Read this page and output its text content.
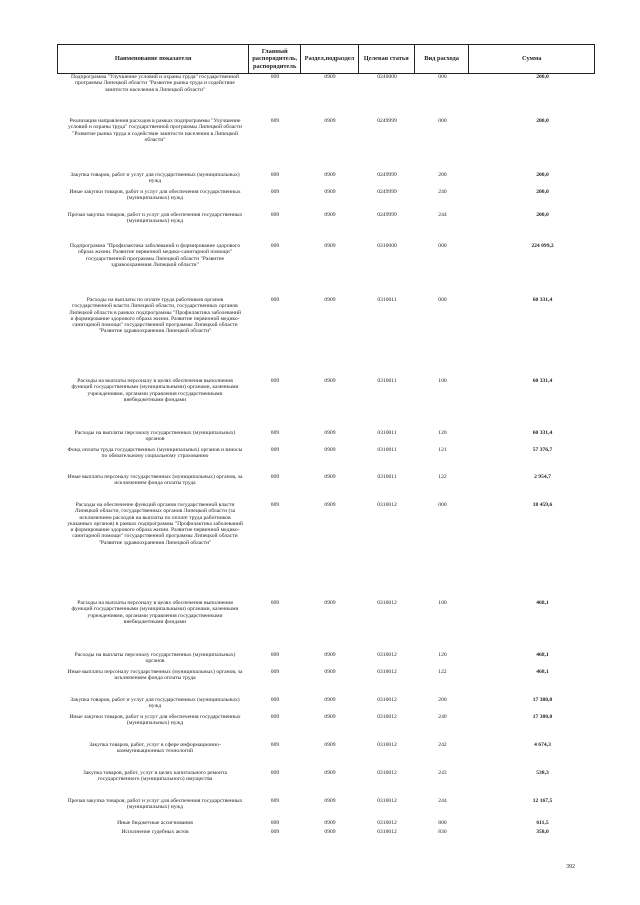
Наименование показателя
Главный распорядитель, распорядитель
Раздел,подраздел	Целевая статья	Вид расхода	Сумма
Подпрограмма "Улучшение условий и охраны труда" государственной программы Липецкой области "Развитие рынка труда и содействие занятости населения в Липецкой области"
009	0909	0240000	000	200,0
Реализация направления расходов в рамках подпрограммы "Улучшение условий и охраны труда" государственной программы Липецкой области "Развитие рынка труда и содействие занятости населения в Липецкой области"
009	0909	0249999	000	200,0
Закупка товаров, работ и услуг для государственных (муниципальных) нужд
009	0909	0249999	200	200,0
Иные закупки товаров, работ и услуг для обеспечения государственных (муниципальных) нужд
009	0909	0249999	240	200,0
Прочая закупка товаров, работ и услуг для обеспечения государственных (муниципальных) нужд
009	0909	0249999	244	200,0
Подпрограмма "Профилактика заболеваний и формирование здорового образа жизни. Развитие первичной медико-санитарной помощи" государственной программы Липецкой области "Развитие здравоохранения Липецкой области"
009	0909	0310000	000	224 099,2
Расходы на выплаты по оплате труда работников органов государственной власти Липецкой области, государственных органов Липецкой области в рамках подпрограммы "Профилактика заболеваний и формирование здорового образа жизни. Развитие первичной медико-санитарной помощи" государственной программы Липецкой области "Развитие здравоохранения Липецкой области"
009	0909	0310011	000	60 331,4
Расходы на выплаты персоналу в целях обеспечения выполнения функций государственными (муниципальными) органами, казенными учреждениями, органами управления государственными внебюджетными фондами
009	0909	0310011	100	60 331,4
Расходы на выплаты персоналу государственных (муниципальных) органов
009	0909	0310011	120	60 331,4
Фонд оплаты труда государственных (муниципальных) органов и взносы по обязательному социальному страхованию
009	0909	0310011	121	57 376,7
Иные выплаты персоналу государственных (муниципальных) органов, за исключением фонда оплаты труда
009	0909	0310011	122	2 954,7
Расходы на обеспечение функций органов государственной власти Липецкой области, государственных органов Липецкой области (за исключением расходов на выплаты по оплате труда работников указанных органов) в рамках подпрограммы "Профилактика заболеваний и формирование здорового образа жизни. Развитие первичной медико-санитарной помощи" государственной программы Липецкой области "Развитие здравоохранения Липецкой области"
009	0909	0310012	000	18 459,6
Расходы на выплаты персоналу в целях обеспечения выполнения функций государственными (муниципальными) органами, казенными учреждениями, органами управления государственными внебюджетными фондами
009	0909	0310012	100	468,1
Расходы на выплаты персоналу государственных (муниципальных) органов
009	0909	0310012	120	468,1
Иные выплаты персоналу государственных (муниципальных) органов, за исключением фонда оплаты труда
009	0909	0310012	122	468,1
Закупка товаров, работ и услуг для государственных (муниципальных) нужд
009	0909	0310012	200	17 380,0
Иные закупки товаров, работ и услуг для обеспечения государственных (муниципальных) нужд
009	0909	0310012	240	17 380,0
Закупка товаров, работ, услуг в сфере информационно-коммуникационных технологий
009	0909	0310012	242	4 674,3
Закупка товаров, работ, услуг в целях капитального ремонта государственного (муниципального) имущества
009	0909	0310012	243	538,3
Прочая закупка товаров, работ и услуг для обеспечения государственных (муниципальных) нужд
009	0909	0310012	244	12 167,5
Иные бюджетные ассигнования	009	0909	0310012	800	611,5
Исполнение судебных актов	009	0909	0310012	830	358,0
392
